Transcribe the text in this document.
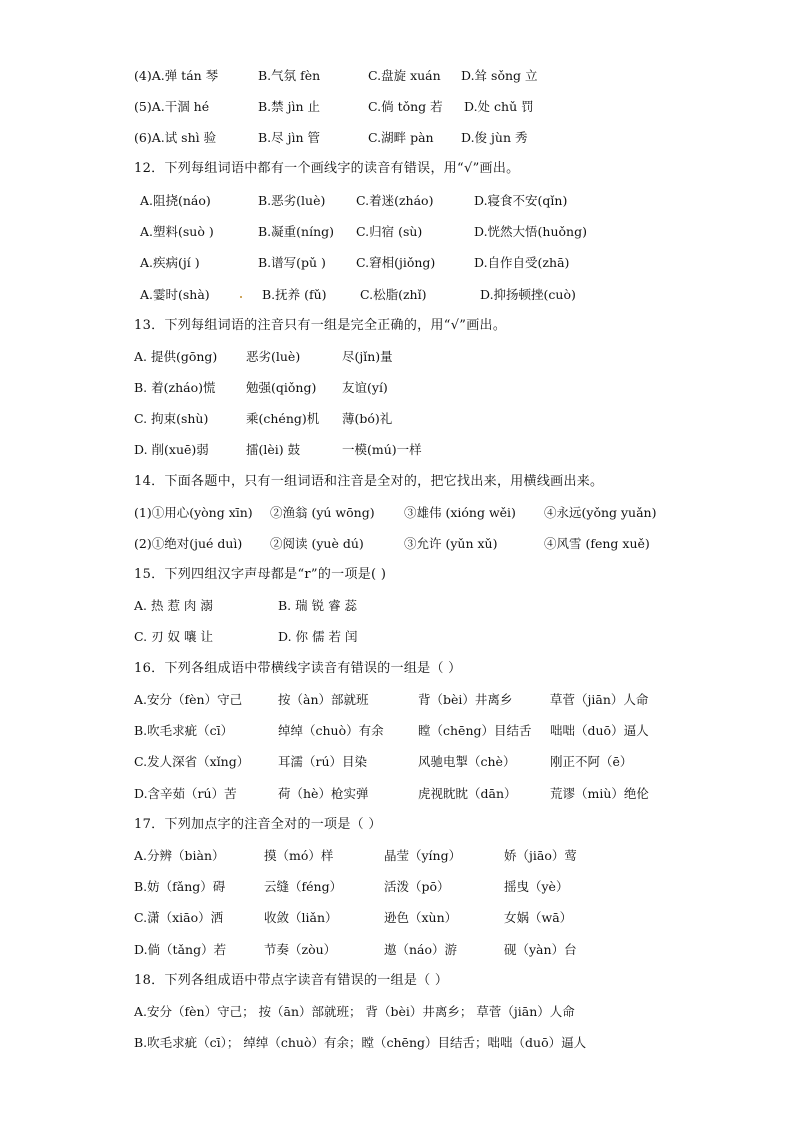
(4)A.弹 tán 琴	B.气氛 fèn	C.盘旋 xuán D.耸 sǒng 立
(5)A.干涸 hé	B.禁 jìn 止	C.倘 tǒng 若 D.处 chǔ 罚
(6)A.试 shì 验	B.尽 jìn 管	C.湖畔 pàn D.俊 jùn 秀
12．下列每组词语中都有一个画线字的读音有错误，用“√”画出。
A.阻挠(náo)	B.恶劣(luè) C.着迷(zháo)	D.寝食不安(qǐn)
A.塑料(suò )	B.凝重(níng) C.归宿 (sù)	D.恍然大悟(huǒng)
A.疾病(jí )	B.谱写(pǔ ) C.窘相(jiǒng)	D.自作自受(zhā)
A.霎时(shà)	B.抚养 (fǔ)	C.松脂(zhǐ)	D.抑扬顿挫(cuò)
13．下列每组词语的注音只有一组是完全正确的，用“√”画出。
A. 提供(gōng) 恶劣(luè)	尽(jǐn)量
B. 着(zháo)慌 勉强(qiǒng) 友谊(yí)
C. 拘束(shù)	乘(chéng)机 薄(bó)礼
D. 削(xuē)弱	擂(lèi) 鼓	一模(mú)一样
14．下面各题中，只有一组词语和注音是全对的，把它找出来，用横线画出来。
(1)①用心(yòng xīn) ②渔翁 (yú wōng) ③雄伟 (xióng wěi) ④永远(yǒng yuǎn)
(2)①绝对(jué duì) ②阅读 (yuè dú)	③允许 (yǔn xǔ)	④风雪 (feng xuě)
15．下列四组汉字声母都是“r”的一项是( )
A. 热 惹 肉 溺	B. 瑞 锐 睿 蕊
C. 刃 奴 嚷 让	D. 你 儒 若 闰
16．下列各组成语中带横线字读音有错误的一组是（ ）
A.安分（fèn）守己	按（àn）部就班	背（bèi）井离乡	草菅（jiān）人命
B.吹毛求疵（cī）	绰绰（chuò）有余	瞠（chēng）目结舌 咄咄（duō）逼人
C.发人深省（xǐng） 耳濡（rú）目染	风驰电掣（chè）	刚正不阿（ē）
D.含辛茹（rú）苦	荷（hè）枪实弹	虎视眈眈（dān）	荒谬（miù）绝伦
17．下列加点字的注音全对的一项是（ ）
A.分辨（biàn）	摸（mó）样	晶莹（yíng）	娇（jiāo）莺
B.妨（fǎng）碍	云缝（féng）	活泼（pō）	摇曳（yè）
C.潇（xiāo）洒	收敛（liǎn）	逊色（xùn）	女娲（wā）
D.倘（tǎng）若	节奏（zòu）	遨（náo）游	砚（yàn）台
18．下列各组成语中带点字读音有错误的一组是（ ）
A.安分（fèn）守己； 按（ān）部就班； 背（bèi）井离乡； 草菅（jiān）人命
B.吹毛求疵（cī）； 绰绰（chuò）有余；瞠（chēng）目结舌；咄咄（duō）逼人
